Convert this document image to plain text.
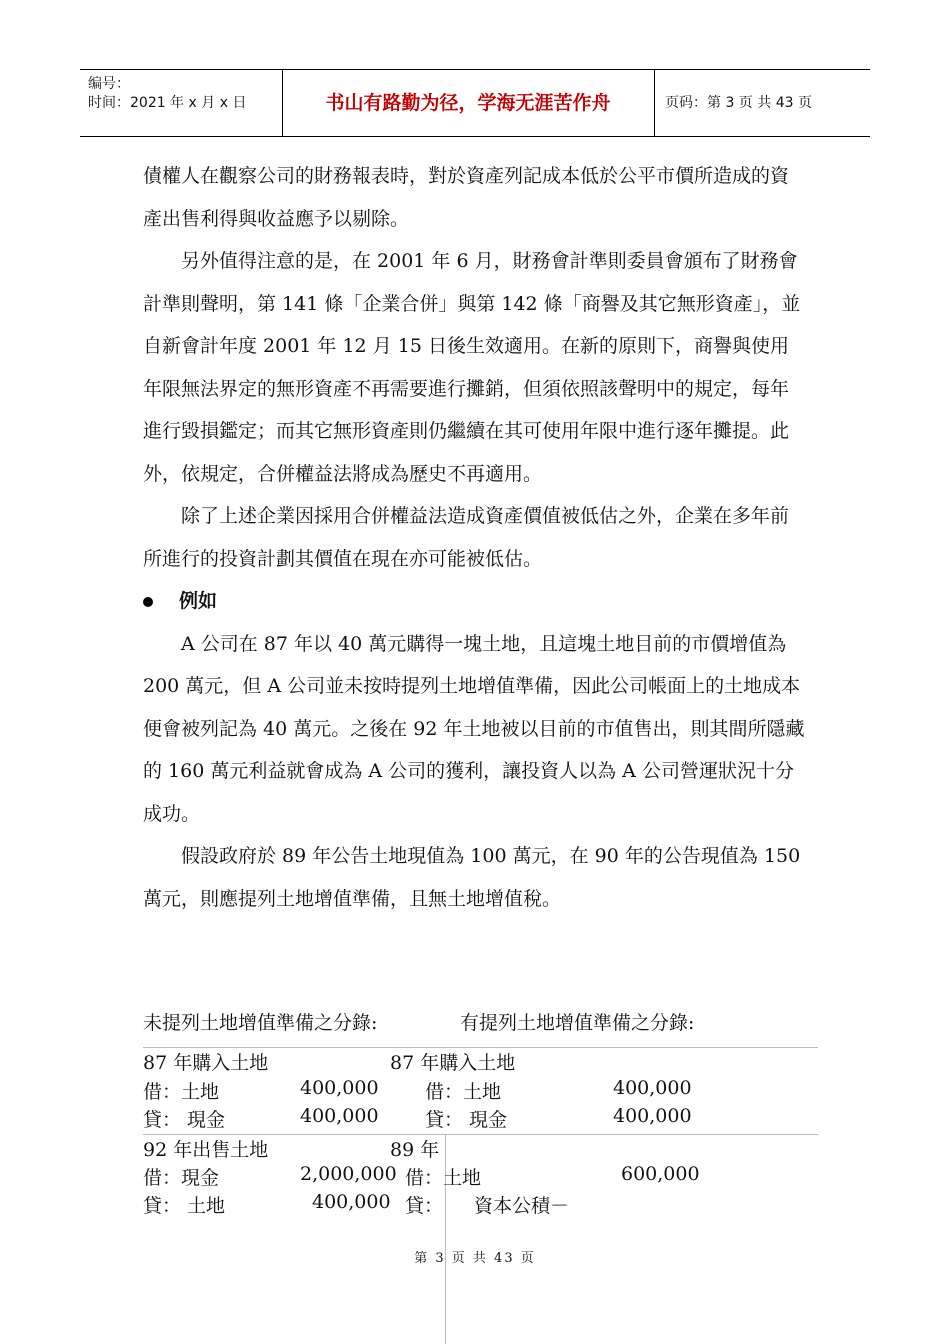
编号：
时间：2021 年 x 月 x 日	书山有路勤为径，学海无涯苦作舟	页码：第 3 页 共 43 页

債權人在觀察公司的財務報表時，對於資產列記成本低於公平市價所造成的資產出售利得與收益應予以剔除。

另外值得注意的是，在 2001 年 6 月，財務會計準則委員會頒布了財務會計準則聲明，第 141 條「企業合併」與第 142 條「商譽及其它無形資產」，並自新會計年度 2001 年 12 月 15 日後生效適用。在新的原則下，商譽與使用年限無法界定的無形資產不再需要進行攤銷，但須依照該聲明中的規定，每年進行毀損鑑定；而其它無形資產則仍繼續在其可使用年限中進行逐年攤提。此外，依規定，合併權益法將成為歷史不再適用。

除了上述企業因採用合併權益法造成資產價值被低估之外，企業在多年前所進行的投資計劃其價值在現在亦可能被低估。

例如

A 公司在 87 年以 40 萬元購得一塊土地，且這塊土地目前的市價增值為 200 萬元，但 A 公司並未按時提列土地增值準備，因此公司帳面上的土地成本便會被列記為 40 萬元。之後在 92 年土地被以目前的市值售出，則其間所隱藏的 160 萬元利益就會成為 A 公司的獲利，讓投資人以為 A 公司營運狀況十分成功。

假設政府於 89 年公告土地現值為 100 萬元，在 90 年的公告現值為 150 萬元，則應提列土地增值準備，且無土地增值稅。

未提列土地增值準備之分錄:	有提列土地增值準備之分錄:
87 年購入土地
借：土地	400,000
貸： 現金	400,000
92 年出售土地
借：現金	2,000,000
貸： 土地	400,000
87 年購入土地
借：土地	400,000
貸： 現金	400,000
89 年
借：土地	600,000
貸： 資本公積－
第 3 页 共 43 页
